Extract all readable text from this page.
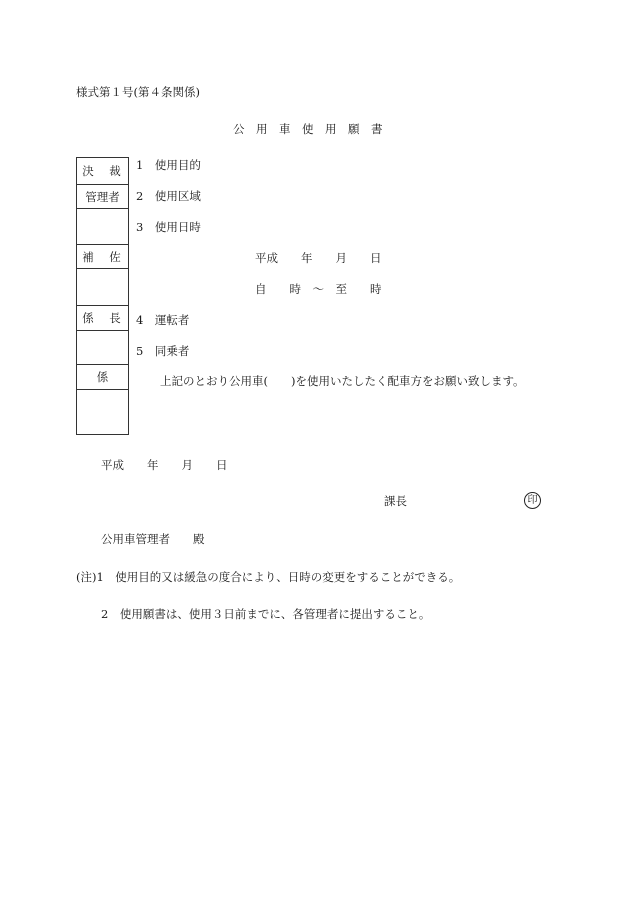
様式第１号(第４条関係)
公　用　車　使　用　願　書
決　裁
管理者
補　佐
係　長
係
1　使用目的
2　使用区域
3　使用日時
平成　　年　　月　　日
自　　時　～　至　　時
4　運転者
5　同乗者
上記のとおり公用車(　　)を使用いたしたく配車方をお願い致します。
平成　　年　　月　　日
課長	印
公用車管理者　　殿
(注)1　使用目的又は緩急の度合により、日時の変更をすることができる。
2　使用願書は、使用３日前までに、各管理者に提出すること。
